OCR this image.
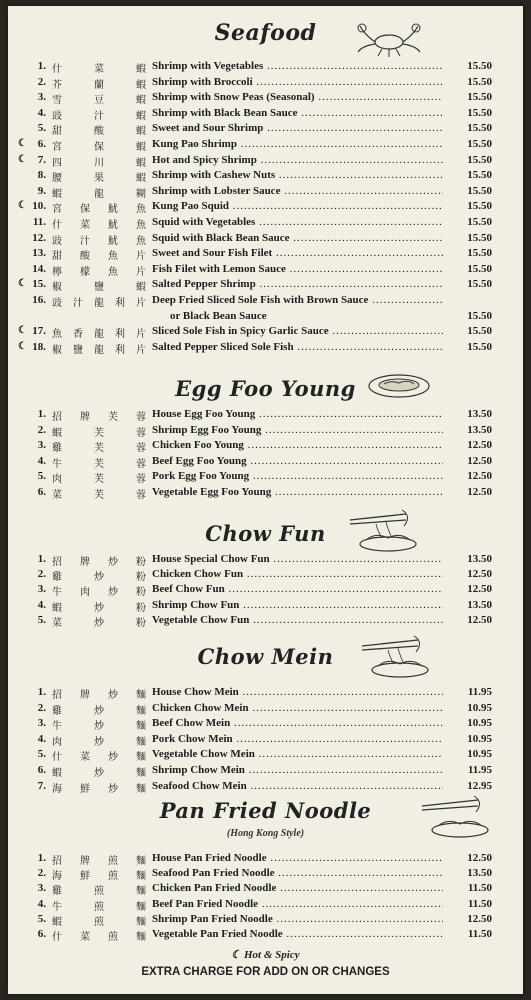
Seafood
1. 什	菜	蝦 Shrimp with Vegetables .....	15.50
2. 芥	蘭	蝦 Shrimp with Broccoli .....	15.50
3. 雪	豆	蝦 Shrimp with Snow Peas (Seasonal) .....	15.50
4. 豉	汁	蝦 Shrimp with Black Bean Sauce .....	15.50
5. 甜	酸	蝦 Sweet and Sour Shrimp .....	15.50
☾ 6. 宮	保	蝦 Kung Pao Shrimp .....	15.50
☾ 7. 四	川	蝦 Hot and Spicy Shrimp .....	15.50
8. 腰	果	蝦 Shrimp with Cashew Nuts .....	15.50
9. 蝦	龍	糊 Shrimp with Lobster Sauce .....	15.50
☾ 10. 宮 保 魷 魚 Kung Pao Squid .....	15.50
11. 什 菜 魷 魚 Squid with Vegetables .....	15.50
12. 豉 汁 魷 魚 Squid with Black Bean Sauce .....	15.50
13. 甜 酸 魚 片 Sweet and Sour Fish Filet .....	15.50
14. 檸 檬 魚 片 Fish Filet with Lemon Sauce .....	15.50
☾ 15. 椒	鹽	蝦 Salted Pepper Shrimp .....	15.50
16. 豉 汁 龍 利 片 Deep Fried Sliced Sole Fish with Brown Sauce .....
or Black Bean Sauce	15.50
☾ 17. 魚 香 龍 利 片 Sliced Sole Fish in Spicy Garlic Sauce .....	15.50
☾ 18. 椒 鹽 龍 利 片 Salted Pepper Sliced Sole Fish .....	15.50
Egg Foo Young
1. 招 牌 芙 蓉 House Egg Foo Young .....	13.50
2. 蝦	芙	蓉 Shrimp Egg Foo Young .....	13.50
3. 雞	芙	蓉 Chicken Foo Young .....	12.50
4. 牛	芙	蓉 Beef Egg Foo Young .....	12.50
5. 肉	芙	蓉 Pork Egg Foo Young .....	12.50
6. 菜	芙	蓉 Vegetable Egg Foo Young .....	12.50
Chow Fun
1. 招 牌 炒 粉 House Special Chow Fun .....	13.50
2. 雞	炒	粉 Chicken Chow Fun .....	12.50
3. 牛 肉 炒 粉 Beef Chow Fun .....	12.50
4. 蝦	炒	粉 Shrimp Chow Fun .....	13.50
5. 菜	炒	粉 Vegetable Chow Fun .....	12.50
Chow Mein
1. 招 牌 炒 麵 House Chow Mein .....	11.95
2. 雞	炒	麵 Chicken Chow Mein .....	10.95
3. 牛	炒	麵 Beef Chow Mein .....	10.95
4. 肉	炒	麵 Pork Chow Mein .....	10.95
5. 什 菜 炒 麵 Vegetable Chow Mein .....	10.95
6. 蝦	炒	麵 Shrimp Chow Mein .....	11.95
7. 海 鮮 炒 麵 Seafood Chow Mein .....	12.95
Pan Fried Noodle
(Hong Kong Style)
1. 招 牌 煎 麵 House Pan Fried Noodle .....	12.50
2. 海 鮮 煎 麵 Seafood Pan Fried Noodle .....	13.50
3. 雞	煎	麵 Chicken Pan Fried Noodle .....	11.50
4. 牛	煎	麵 Beef Pan Fried Noodle .....	11.50
5. 蝦	煎	麵 Shrimp Pan Fried Noodle .....	12.50
6. 什 菜 煎 麵 Vegetable Pan Fried Noodle .....	11.50
☾ Hot & Spicy
EXTRA CHARGE FOR ADD ON OR CHANGES
